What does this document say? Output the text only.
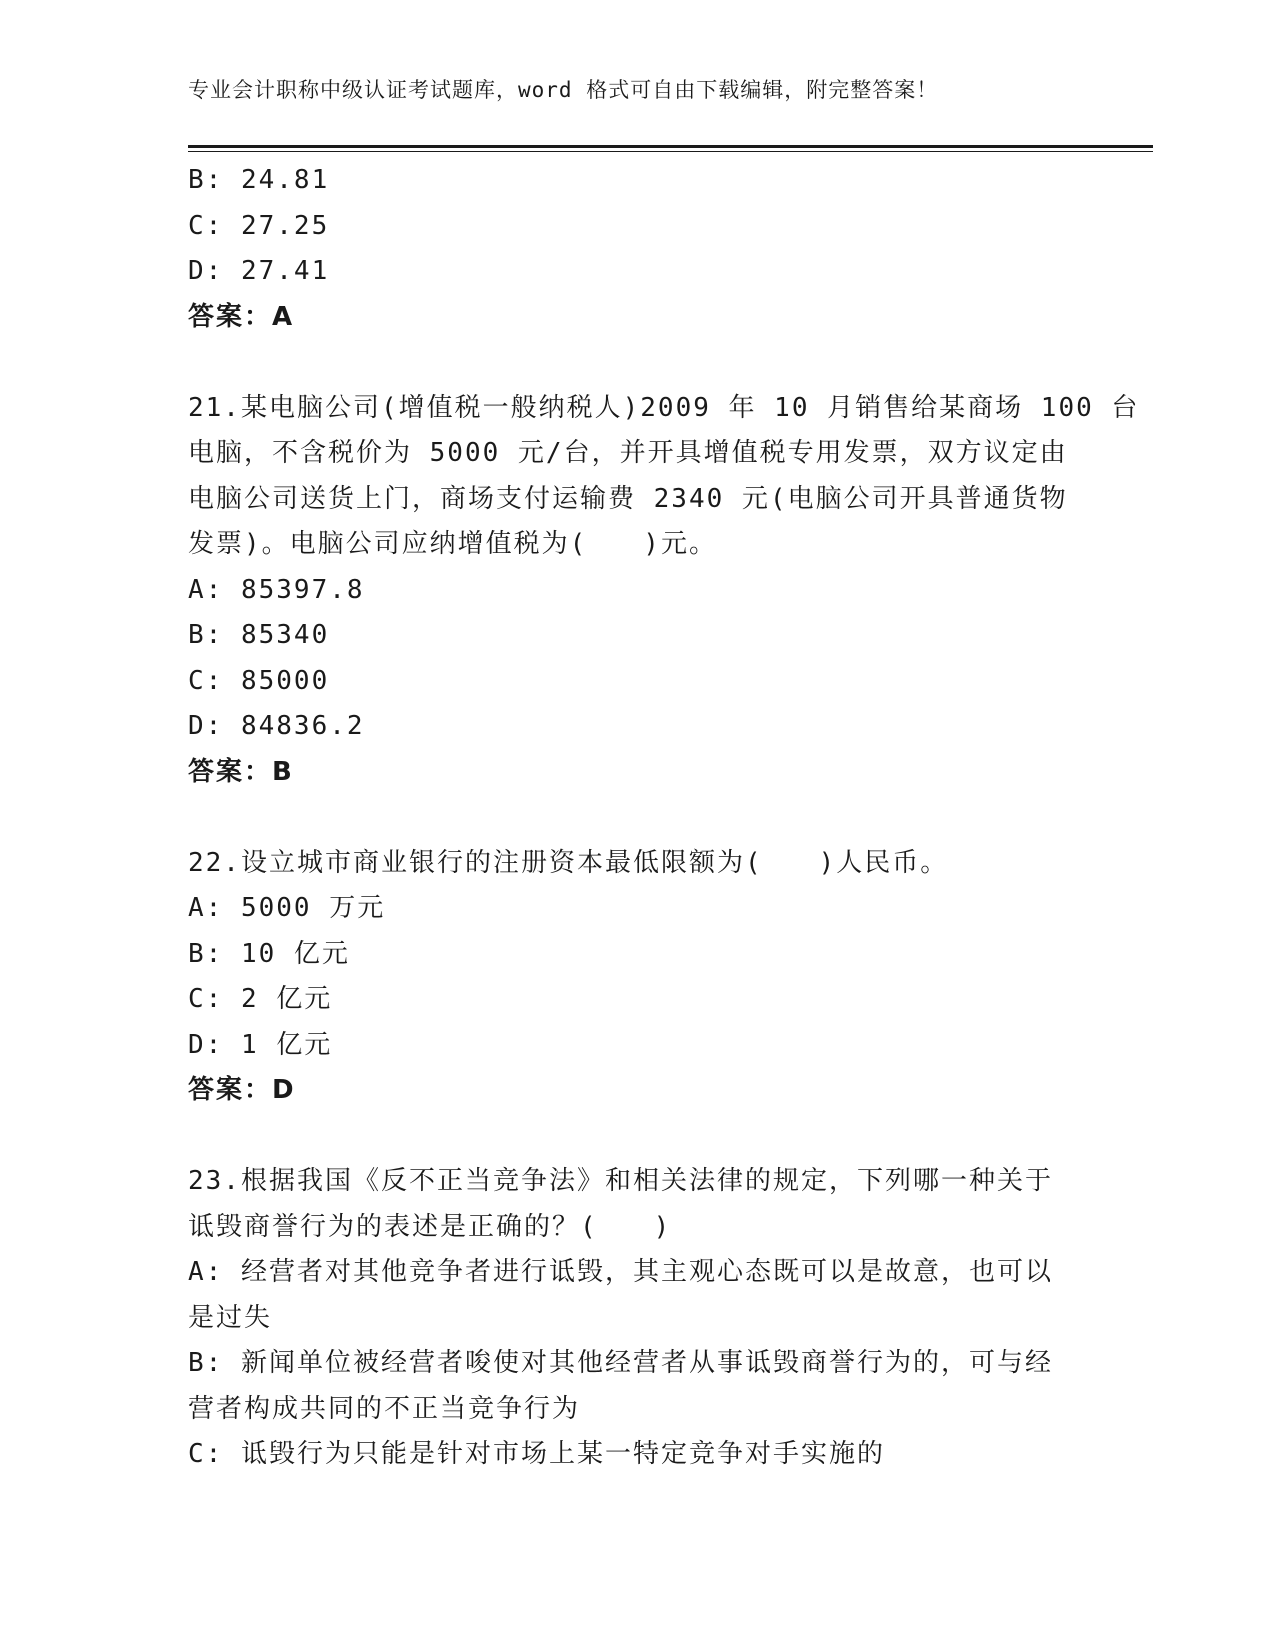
专业会计职称中级认证考试题库，word 格式可自由下载编辑，附完整答案！
B: 24.81
C: 27.25
D: 27.41
答案：A
21.某电脑公司(增值税一般纳税人)2009 年 10 月销售给某商场 100 台
电脑，不含税价为 5000 元/台，并开具增值税专用发票，双方议定由
电脑公司送货上门，商场支付运输费 2340 元(电脑公司开具普通货物
发票)。电脑公司应纳增值税为(　　)元。
A: 85397.8
B: 85340
C: 85000
D: 84836.2
答案：B
22.设立城市商业银行的注册资本最低限额为(　　)人民币。
A: 5000 万元
B: 10 亿元
C: 2 亿元
D: 1 亿元
答案：D
23.根据我国《反不正当竞争法》和相关法律的规定，下列哪一种关于
诋毁商誉行为的表述是正确的？(　　)
A: 经营者对其他竞争者进行诋毁，其主观心态既可以是故意，也可以
是过失
B: 新闻单位被经营者唆使对其他经营者从事诋毁商誉行为的，可与经
营者构成共同的不正当竞争行为
C: 诋毁行为只能是针对市场上某一特定竞争对手实施的
